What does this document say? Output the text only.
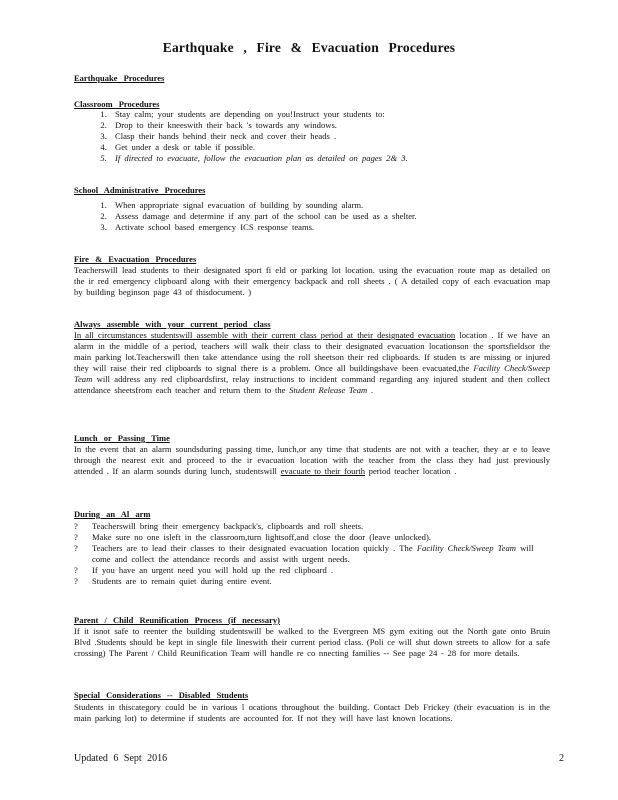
Earthquake , Fire & Evacuation Procedures
Earthquake Procedures
Classroom Procedures
1. Stay calm; your students are depending on you!Instruct your students to:
2. Drop to their kneeswith their back 's towards any windows.
3. Clasp their hands behind their neck and cover their heads .
4. Get under a desk or table if possible.
5. If directed to evacuate, follow the evacuation plan as detailed on pages 2& 3.
School Administrative Procedures
1. When appropriate signal evacuation of building by sounding alarm.
2. Assess damage and determine if any part of the school can be used as a shelter.
3. Activate school based emergency ICS response teams.
Fire & Evacuation Procedures
Teacherswill lead students to their designated sport fi eld or parking lot location. using the evacuation route map as detailed on the ir red emergency clipboard along with their emergency backpack and roll sheets . ( A detailed copy of each evacuation map by building beginson page 43 of thisdocument. )
Always assemble with your current period class
In all circumstances studentswill assemble with their current class period at their designated evacuation location . If we have an alarm in the middle of a period, teachers will walk their class to their designated evacuation locationson the sportsfieldsor the main parking lot.Teacherswill then take attendance using the roll sheetson their red clipboards. If studen ts are missing or injured they will raise their red clipboards to signal there is a problem. Once all buildingshave been evacuated,the Facility Check/Sweep Team will address any red clipboardsfirst, relay instructions to incident command regarding any injured student and then collect attendance sheetsfrom each teacher and return them to the Student Release Team .
Lunch or Passing Time
In the event that an alarm soundsduring passing time, lunch,or any time that students are not with a teacher, they ar e to leave through the nearest exit and proceed to the ir evacuation location with the teacher from the class they had just previously attended . If an alarm sounds during lunch, studentswill evacuate to their fourth period teacher location .
During an Al arm
? Teacherswill bring their emergency backpack's, clipboards and roll sheets.
? Make sure no one isleft in the classroom,turn lightsoff,and close the door (leave unlocked).
? Teachers are to lead their classes to their designated evacuation location quickly . The Facility Check/Sweep Team will come and collect the attendance records and assist with urgent needs.
? If you have an urgent need you will hold up the red clipboard .
? Students are to remain quiet during entire event.
Parent / Child Reunification Process (if necessary)
If it isnot safe to reenter the building studentswill be walked to the Evergreen MS gym exiting out the North gate onto Bruin Blvd .Students should be kept in single file lineswith their current period class. (Poli ce will shut down streets to allow for a safe crossing) The Parent / Child Reunification Team will handle re co nnecting families -- See page 24 - 28 for more details.
Special Considerations -- Disabled Students
Students in thiscategory could be in various l ocations throughout the building. Contact Deb Frickey (their evacuation is in the main parking lot) to determine if students are accounted for. If not they will have last known locations.
Updated 6 Sept 2016	2
